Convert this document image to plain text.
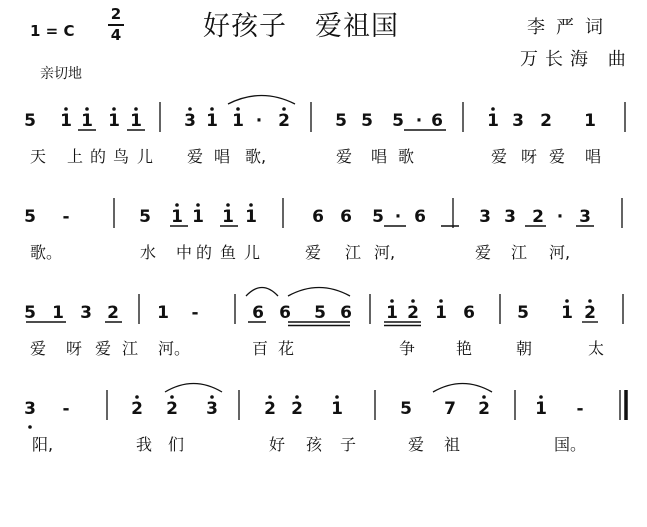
1 = C
2
4	好孩子　爱祖国	李严词
万长海 曲
亲切地
5 1 1 1 1 3 1 1 · 2	5 5 5 · 6	1 3 2 1
天 上 的 鸟 儿 爱 唱 歌,	爱 唱 歌	爱 呀 爱 唱
5 -	5 1 1 1 1	6 6 5 · 6	3 3 2 · 3
歌。	水 中 的 鱼 儿	爱 江 河,	爱 江 河,
5 1 3 2 1 -	6 6 5 6 1 2 1 6 5 1 2
爱 呀 爱 江 河。	百 花	争	艳	朝	太
3 -	2 2 3	2 2 1	5 7 2	1 -
阳,	我 们	好 孩 子	爱 祖	国。
